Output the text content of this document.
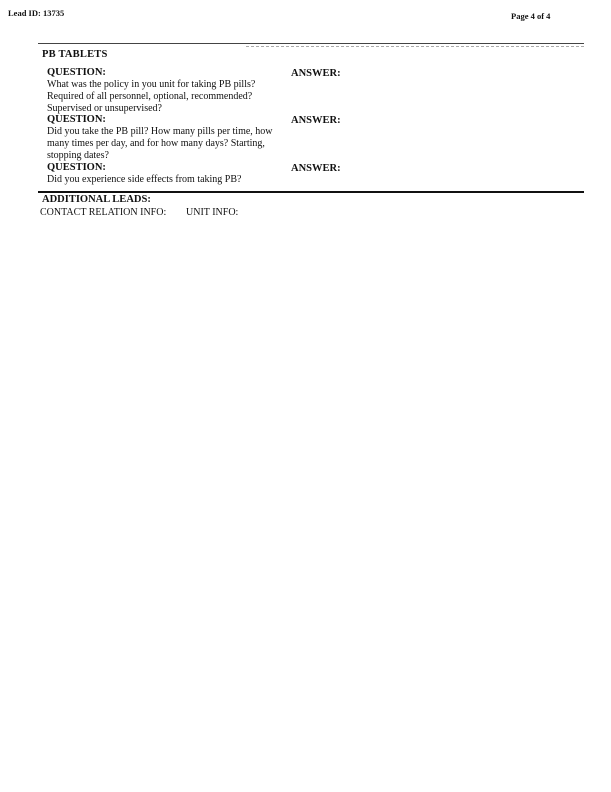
Lead ID: 13735	Page 4 of 4
PB TABLETS
QUESTION:	ANSWER:
What was the policy in you unit for taking PB pills?
Required of all personnel, optional, recommended?
Supervised or unsupervised?
QUESTION:	ANSWER:
Did you take the PB pill? How many pills per time, how
many times per day, and for how many days? Starting,
stopping dates?
QUESTION:	ANSWER:
Did you experience side effects from taking PB?
ADDITIONAL LEADS:
CONTACT RELATION INFO: UNIT INFO:
